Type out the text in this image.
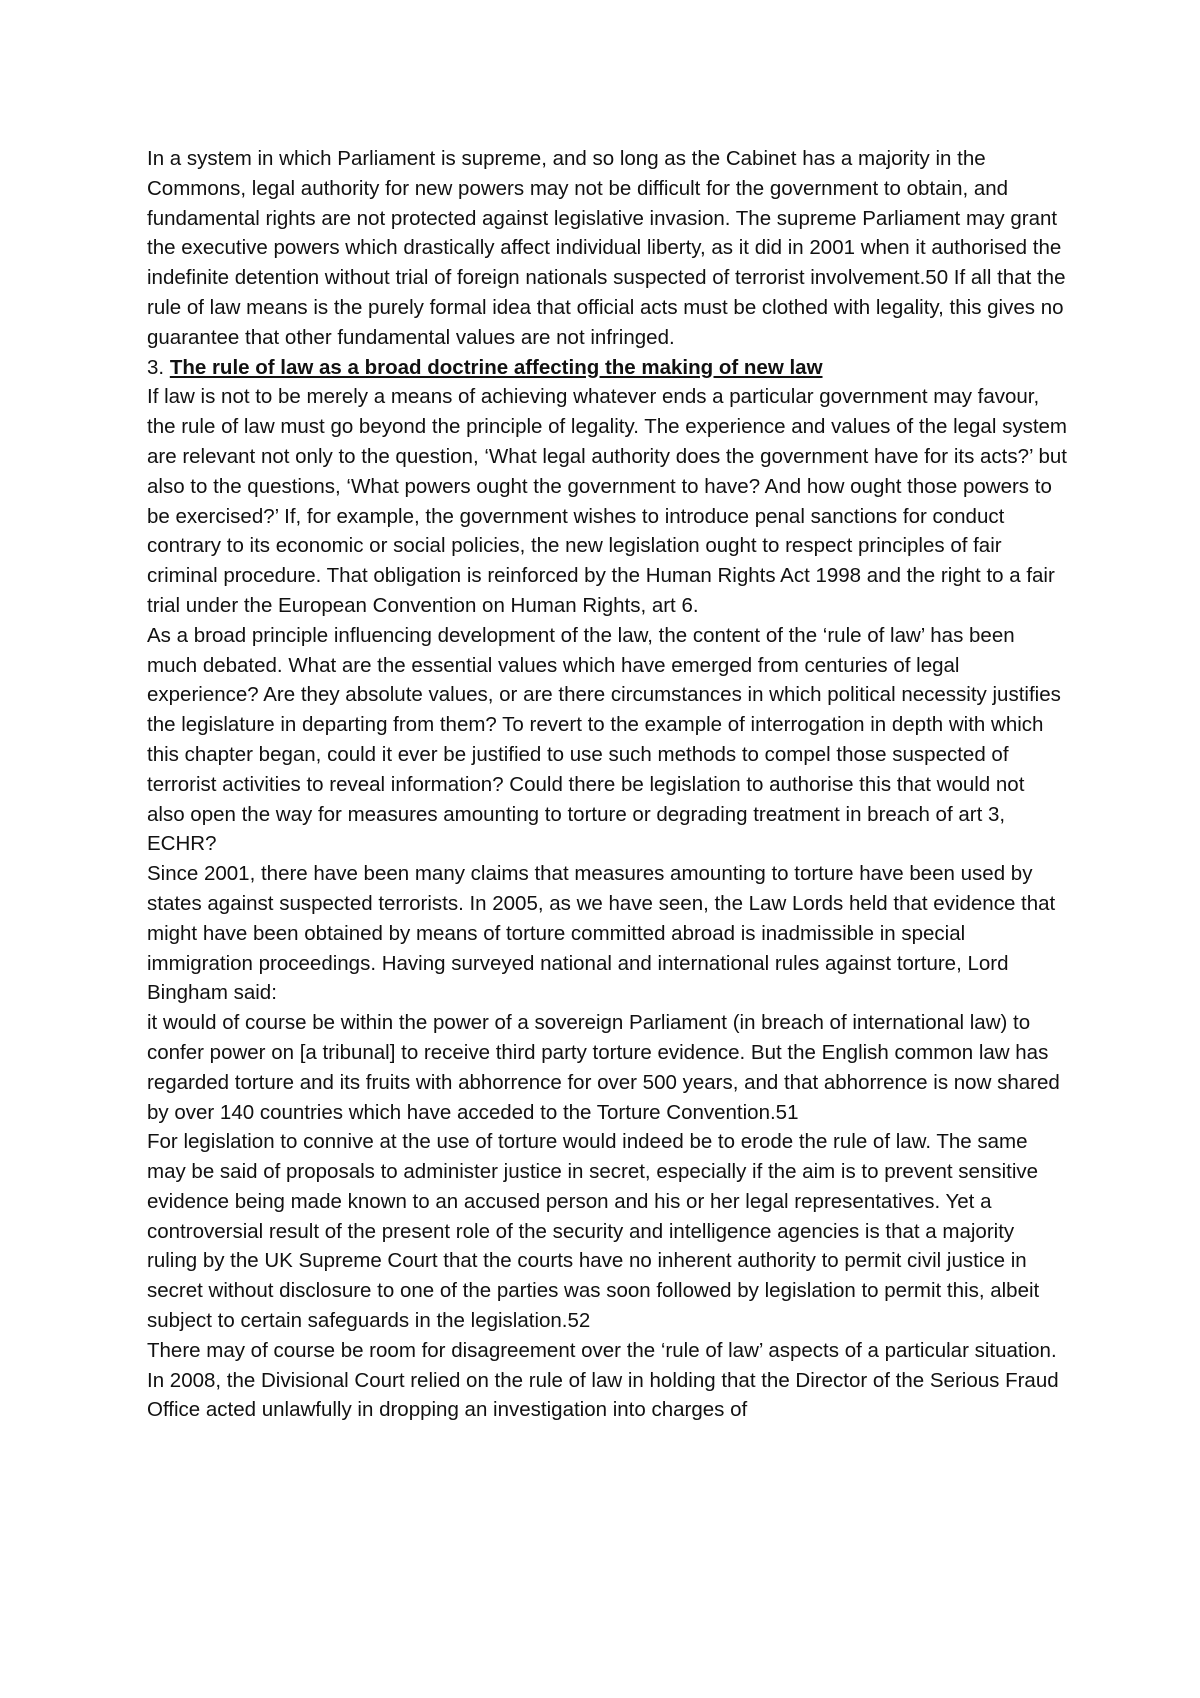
In a system in which Parliament is supreme, and so long as the Cabinet has a majority in the Commons, legal authority for new powers may not be difficult for the government to obtain, and fundamental rights are not protected against legislative invasion. The supreme Parliament may grant the executive powers which drastically affect individual liberty, as it did in 2001 when it authorised the indefinite detention without trial of foreign nationals suspected of terrorist involvement.50 If all that the rule of law means is the purely formal idea that official acts must be clothed with legality, this gives no guarantee that other fundamental values are not infringed.

3. The rule of law as a broad doctrine affecting the making of new law

If law is not to be merely a means of achieving whatever ends a particular government may favour, the rule of law must go beyond the principle of legality. The experience and values of the legal system are relevant not only to the question, ‘What legal authority does the government have for its acts?’ but also to the questions, ‘What powers ought the government to have? And how ought those powers to be exercised?’ If, for example, the government wishes to introduce penal sanctions for conduct contrary to its economic or social policies, the new legislation ought to respect principles of fair criminal procedure. That obligation is reinforced by the Human Rights Act 1998 and the right to a fair trial under the European Convention on Human Rights, art 6.

As a broad principle influencing development of the law, the content of the ‘rule of law’ has been much debated. What are the essential values which have emerged from centuries of legal experience? Are they absolute values, or are there circumstances in which political necessity justifies the legislature in departing from them? To revert to the example of interrogation in depth with which this chapter began, could it ever be justified to use such methods to compel those suspected of terrorist activities to reveal information? Could there be legislation to authorise this that would not also open the way for measures amounting to torture or degrading treatment in breach of art 3, ECHR?

Since 2001, there have been many claims that measures amounting to torture have been used by states against suspected terrorists. In 2005, as we have seen, the Law Lords held that evidence that might have been obtained by means of torture committed abroad is inadmissible in special immigration proceedings. Having surveyed national and international rules against torture, Lord Bingham said:

it would of course be within the power of a sovereign Parliament (in breach of international law) to confer power on [a tribunal] to receive third party torture evidence. But the English common law has regarded torture and its fruits with abhorrence for over 500 years, and that abhorrence is now shared by over 140 countries which have acceded to the Torture Convention.51

For legislation to connive at the use of torture would indeed be to erode the rule of law. The same may be said of proposals to administer justice in secret, especially if the aim is to prevent sensitive evidence being made known to an accused person and his or her legal representatives. Yet a controversial result of the present role of the security and intelligence agencies is that a majority ruling by the UK Supreme Court that the courts have no inherent authority to permit civil justice in secret without disclosure to one of the parties was soon followed by legislation to permit this, albeit subject to certain safeguards in the legislation.52

There may of course be room for disagreement over the ‘rule of law’ aspects of a particular situation. In 2008, the Divisional Court relied on the rule of law in holding that the Director of the Serious Fraud Office acted unlawfully in dropping an investigation into charges of
